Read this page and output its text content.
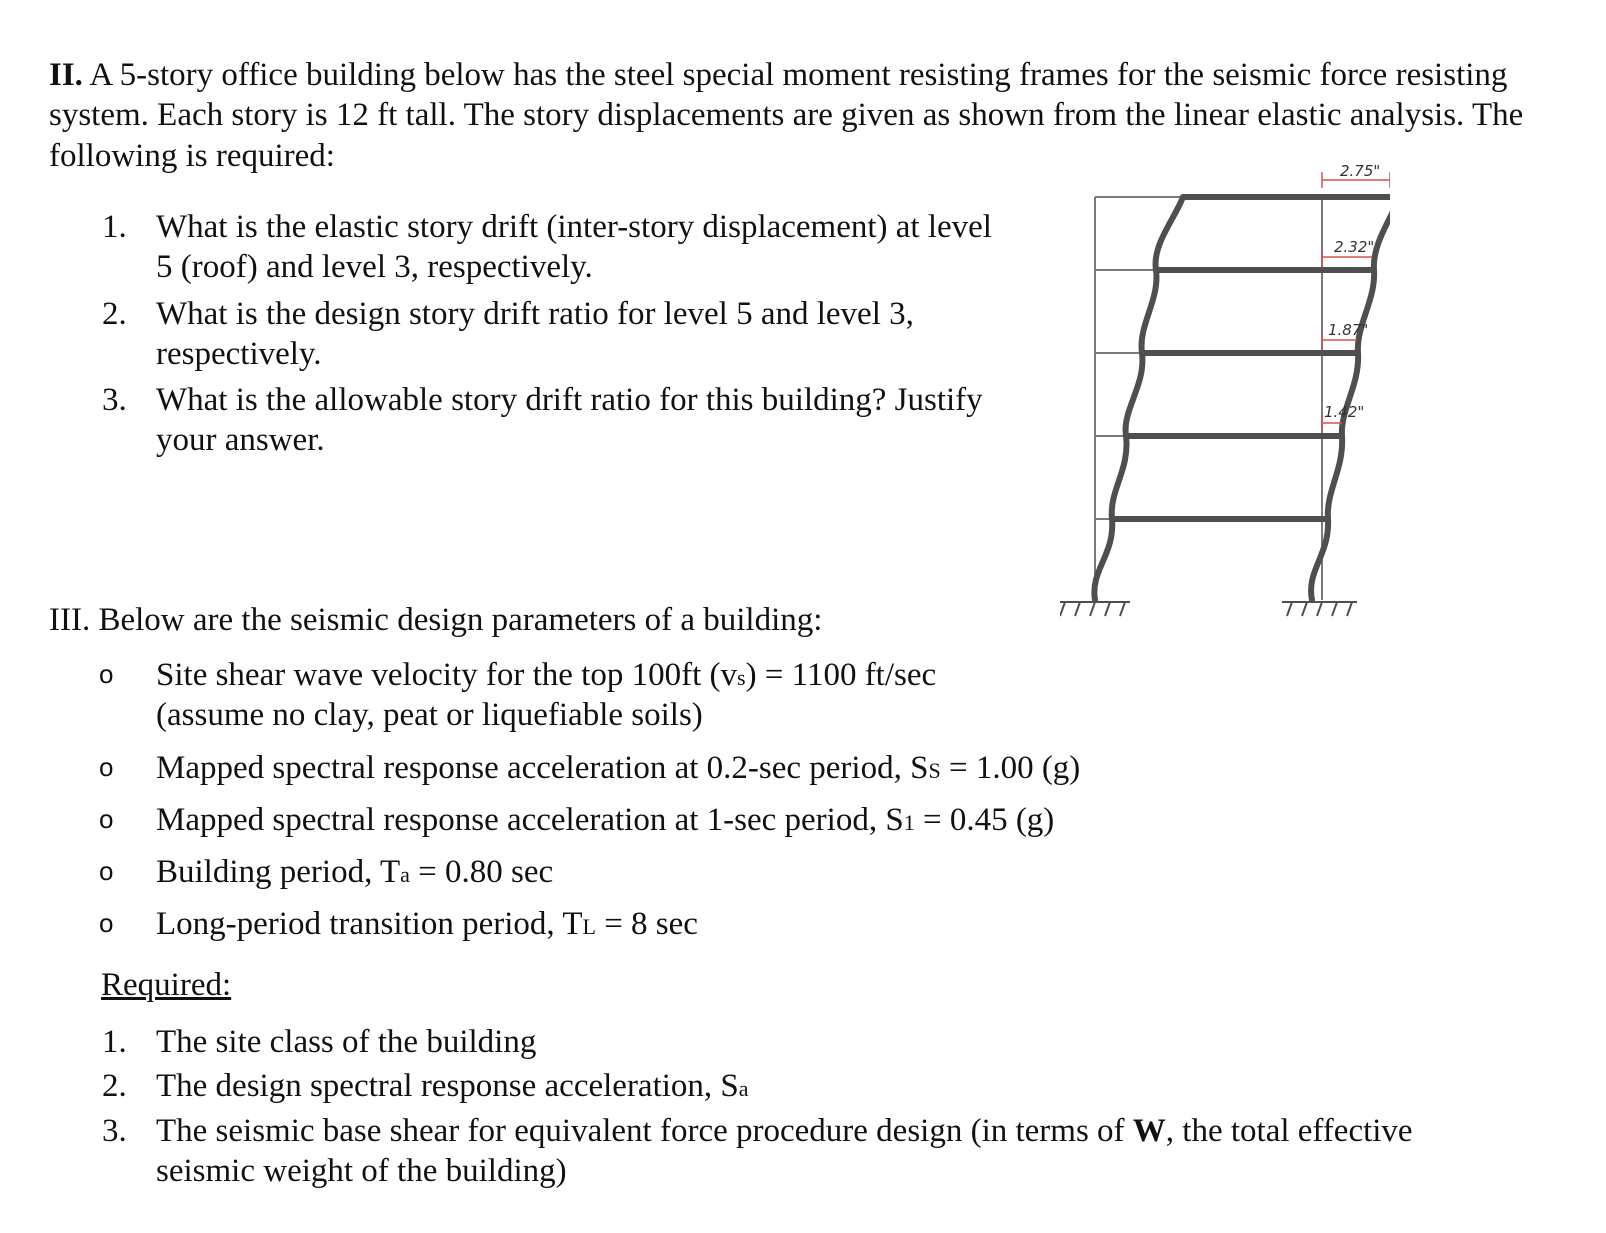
II. A 5-story office building below has the steel special moment resisting frames for the seismic force resisting system. Each story is 12 ft tall. The story displacements are given as shown from the linear elastic analysis. The following is required:
1. What is the elastic story drift (inter-story displacement) at level 5 (roof) and level 3, respectively.
2. What is the design story drift ratio for level 5 and level 3, respectively.
3. What is the allowable story drift ratio for this building? Justify your answer.
2.75"
2.32"
1.87"
1.42"
III. Below are the seismic design parameters of a building:
o Site shear wave velocity for the top 100ft (vs) = 1100 ft/sec
(assume no clay, peat or liquefiable soils)
o Mapped spectral response acceleration at 0.2-sec period, SS = 1.00 (g)
o Mapped spectral response acceleration at 1-sec period, S1 = 0.45 (g)
o Building period, Ta = 0.80 sec
o Long-period transition period, TL = 8 sec
Required:
1. The site class of the building
2. The design spectral response acceleration, Sa
3. The seismic base shear for equivalent force procedure design (in terms of W, the total effective seismic weight of the building)
